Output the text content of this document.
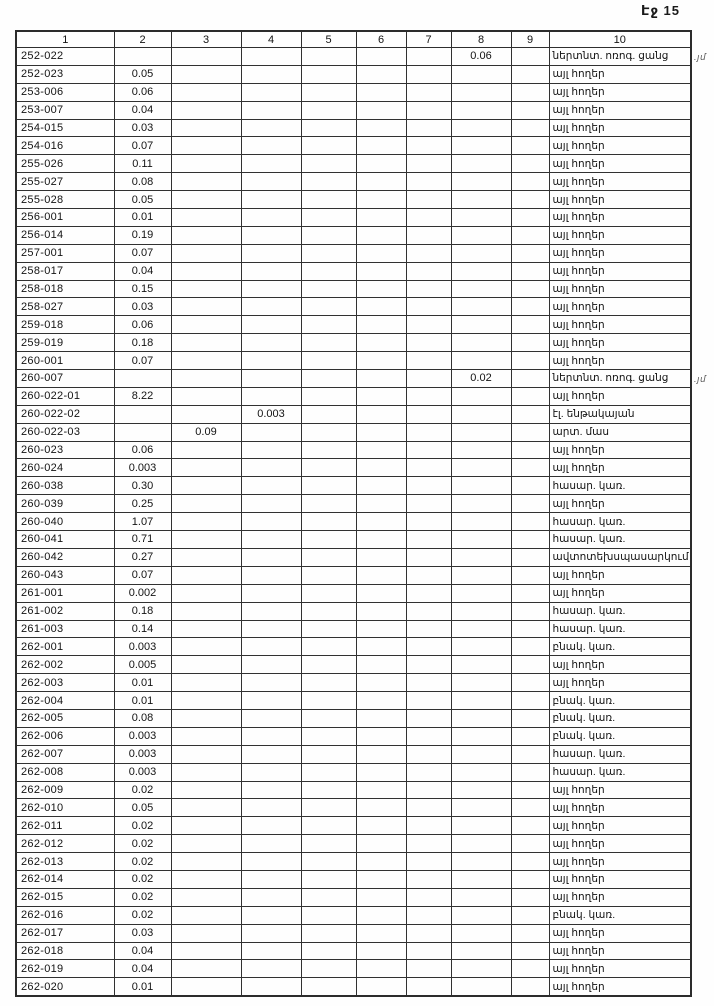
Էջ 15
1	2	3	4	5	6	7	8	9	10
252-022							0.06		ներտնտ. ոռոգ. ցանց
252-023	0.05								այլ հողեր
253-006	0.06								այլ հողեր
253-007	0.04								այլ հողեր
254-015	0.03								այլ հողեր
254-016	0.07								այլ հողեր
255-026	0.11								այլ հողեր
255-027	0.08								այլ հողեր
255-028	0.05								այլ հողեր
256-001	0.01								այլ հողեր
256-014	0.19								այլ հողեր
257-001	0.07								այլ հողեր
258-017	0.04								այլ հողեր
258-018	0.15								այլ հողեր
258-027	0.03								այլ հողեր
259-018	0.06								այլ հողեր
259-019	0.18								այլ հողեր
260-001	0.07								այլ հողեր
260-007							0.02		ներտնտ. ոռոգ. ցանց
260-022-01	8.22								այլ հողեր
260-022-02			0.003						էլ. ենթակայան
260-022-03		0.09							արտ. մաս
260-023	0.06								այլ հողեր
260-024	0.003								այլ հողեր
260-038	0.30								հասար. կառ.
260-039	0.25								այլ հողեր
260-040	1.07								հասար. կառ.
260-041	0.71								հասար. կառ.
260-042	0.27								ավտոտեխսպասարկում
260-043	0.07								այլ հողեր
261-001	0.002								այլ հողեր
261-002	0.18								հասար. կառ.
261-003	0.14								հասար. կառ.
262-001	0.003								բնակ. կառ.
262-002	0.005								այլ հողեր
262-003	0.01								այլ հողեր
262-004	0.01								բնակ. կառ.
262-005	0.08								բնակ. կառ.
262-006	0.003								բնակ. կառ.
262-007	0.003								հասար. կառ.
262-008	0.003								հասար. կառ.
262-009	0.02								այլ հողեր
262-010	0.05								այլ հողեր
262-011	0.02								այլ հողեր
262-012	0.02								այլ հողեր
262-013	0.02								այլ հողեր
262-014	0.02								այլ հողեր
262-015	0.02								այլ հողեր
262-016	0.02								բնակ. կառ.
262-017	0.03								այլ հողեր
262-018	0.04								այլ հողեր
262-019	0.04								այլ հողեր
262-020	0.01								այլ հողեր
.յմ
.յմ
